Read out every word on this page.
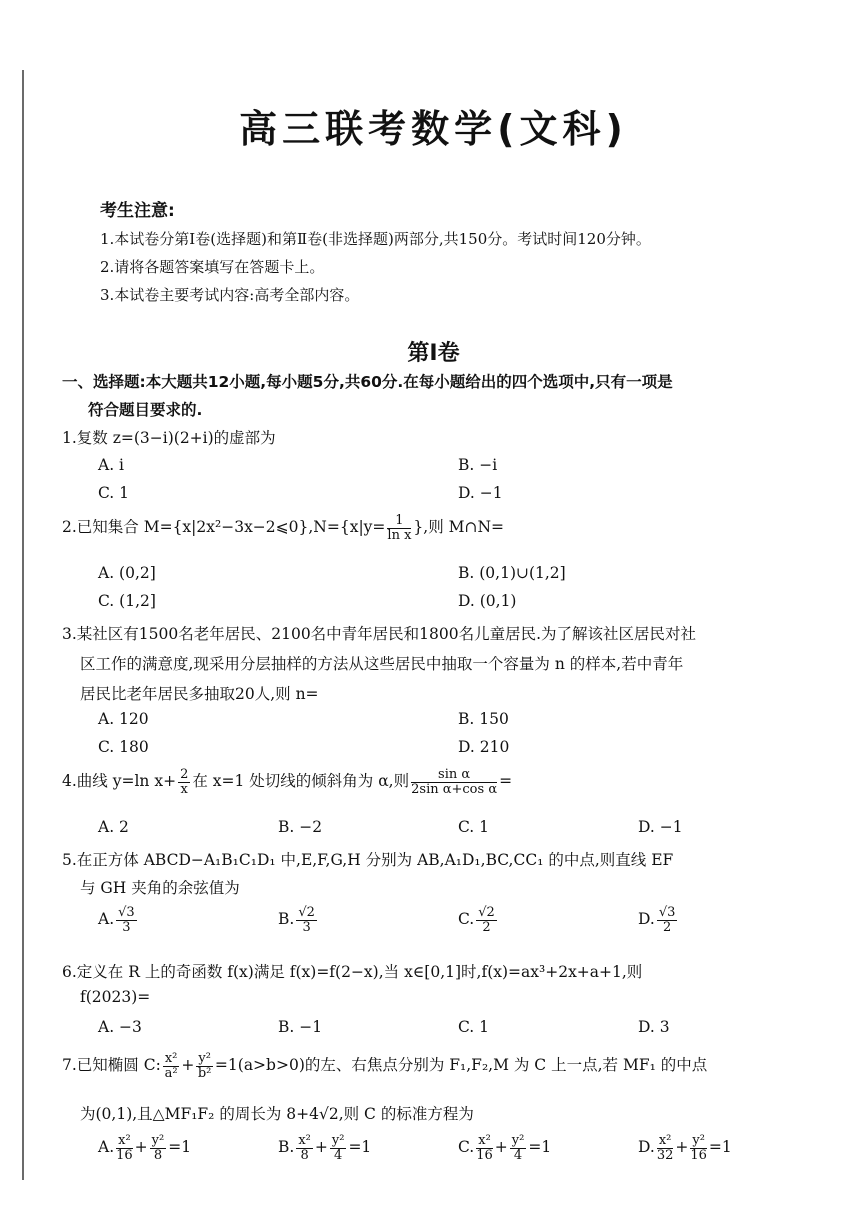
高三联考数学(文科)
考生注意:
1.本试卷分第Ⅰ卷(选择题)和第Ⅱ卷(非选择题)两部分,共150分。考试时间120分钟。
2.请将各题答案填写在答题卡上。
3.本试卷主要考试内容:高考全部内容。
第Ⅰ卷
一、选择题:本大题共12小题,每小题5分,共60分.在每小题给出的四个选项中,只有一项是
符合题目要求的.
1.复数 z=(3−i)(2+i)的虚部为
A. i	B. −i
C. 1	D. −1
2.已知集合 M={x|2x²−3x−2⩽0},N={x|y= $\frac{1}{\text{ln x}}$ },则 M∩N=
A. (0,2]	B. (0,1)∪(1,2]
C. (1,2]	D. (0,1)
3.某社区有1500名老年居民、2100名中青年居民和1800名儿童居民.为了解该社区居民对社
区工作的满意度,现采用分层抽样的方法从这些居民中抽取一个容量为 n 的样本,若中青年
居民比老年居民多抽取20人,则 n=
A. 120	B. 150
C. 180	D. 210
4.曲线 y=ln $x+ \frac{2}{x}$ 在 x=1 处切线的倾斜角为 α,则 $\frac{\text{sin α}}{\text{2sin α+cos α}}$ =
A. 2	B. −2	C. 1	D. −1
5.在正方体 ABCD−A₁B₁C₁D₁ 中,E,F,G,H 分别为 AB,A₁D₁,BC,CC₁ 的中点,则直线 EF
与 GH 夹角的余弦值为
A. $\frac{√3}{3}$	B. $\frac{√2}{3}$	C. $\frac{√2}{2}$	D. $\frac{√3}{2}$
6.定义在 R 上的奇函数 f(x)满足 f(x)=f(2−x),当 x∈[0,1]时,f(x)=ax³+2x+a+1,则
f(2023)=
A. −3	B. −1	C. 1	D. 3
7.已知椭圆 C: $\frac{\text{x²}}{\text{a²}} + \frac{\text{y²}}{\text{b²}} =1(a>b>0)$的左、右焦点分别为 F₁,F₂,M 为 C 上一点,若 MF₁ 的中点
为(0,1),且△MF₁F₂ 的周长为 8+4√2,则 C 的标准方程为
A. $\frac{\text{x²}}{16} + \frac{\text{y²}}{8} =1$	B. $\frac{\text{x²}}{8} + \frac{\text{y²}}{4} =1$	C. $\frac{\text{x²}}{16} + \frac{\text{y²}}{4} =1$	D. $\frac{\text{x²}}{32} + \frac{\text{y²}}{16} =1$
